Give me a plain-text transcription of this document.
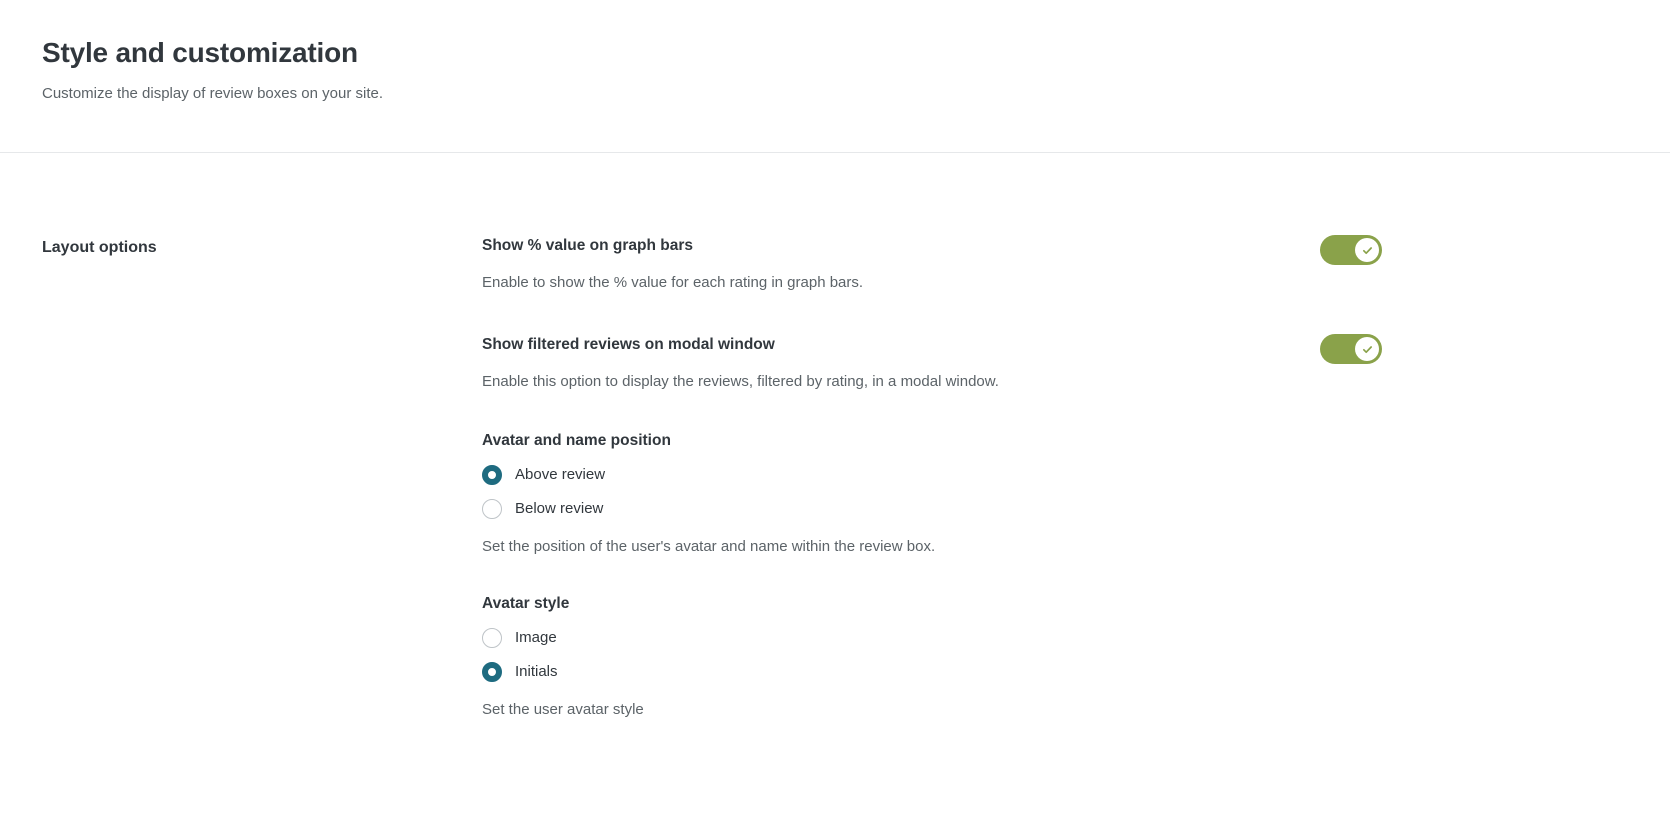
Style and customization

Customize the display of review boxes on your site.

Layout options	Show % value on graph bars

Enable to show the % value for each rating in graph bars.

Show filtered reviews on modal window

Enable this option to display the reviews, filtered by rating, in a modal window.

Avatar and name position
Above review
Below review

Set the position of the user's avatar and name within the review box.

Avatar style
Image
Initials

Set the user avatar style
